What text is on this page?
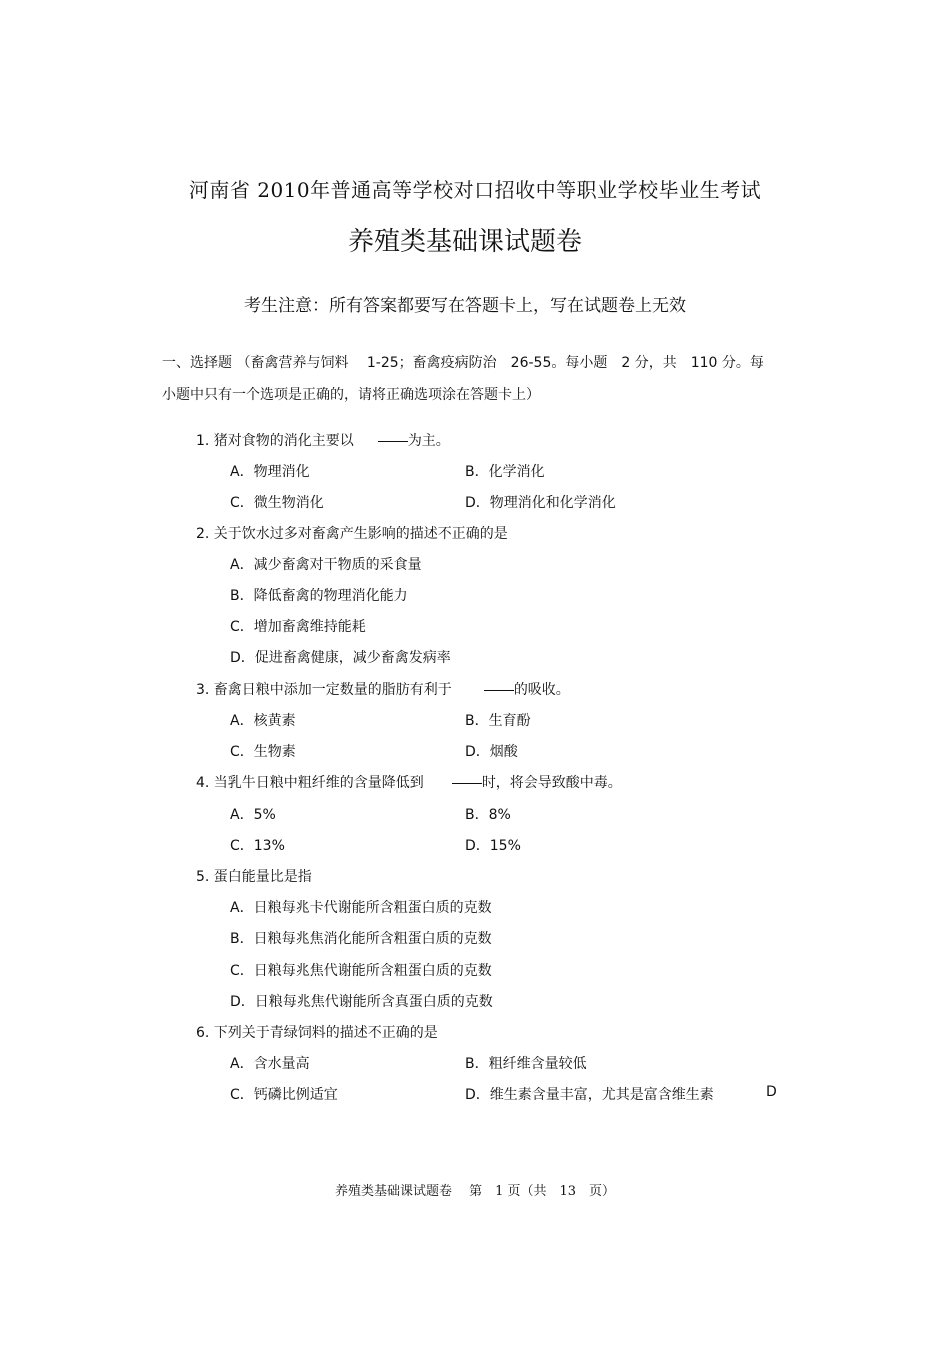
河南省 2010年普通高等学校对口招收中等职业学校毕业生考试
养殖类基础课试题卷
考生注意：所有答案都要写在答题卡上，写在试题卷上无效
一、选择题 （畜禽营养与饲料　 1-25；畜禽疫病防治　26-55。每小题　2 分，共　110 分。每
小题中只有一个选项是正确的，请将正确选项涂在答题卡上）
1. 猪对食物的消化主要以	为主。
A．物理消化	B．化学消化
C．微生物消化	D．物理消化和化学消化
2. 关于饮水过多对畜禽产生影响的描述不正确的是
A．减少畜禽对干物质的采食量
B．降低畜禽的物理消化能力
C．增加畜禽维持能耗
D．促进畜禽健康，减少畜禽发病率
3. 畜禽日粮中添加一定数量的脂肪有利于	的吸收。
A．核黄素	B．生育酚
C．生物素	D．烟酸
4. 当乳牛日粮中粗纤维的含量降低到	时，将会导致酸中毒。
A．5%	B．8%
C．13%	D．15%
5. 蛋白能量比是指
A．日粮每兆卡代谢能所含粗蛋白质的克数
B．日粮每兆焦消化能所含粗蛋白质的克数
C．日粮每兆焦代谢能所含粗蛋白质的克数
D．日粮每兆焦代谢能所含真蛋白质的克数
6. 下列关于青绿饲料的描述不正确的是
A．含水量高	B．粗纤维含量较低
C．钙磷比例适宜	D．维生素含量丰富，尤其是富含维生素	D
养殖类基础课试题卷　 第　1 页（共　13　页）
